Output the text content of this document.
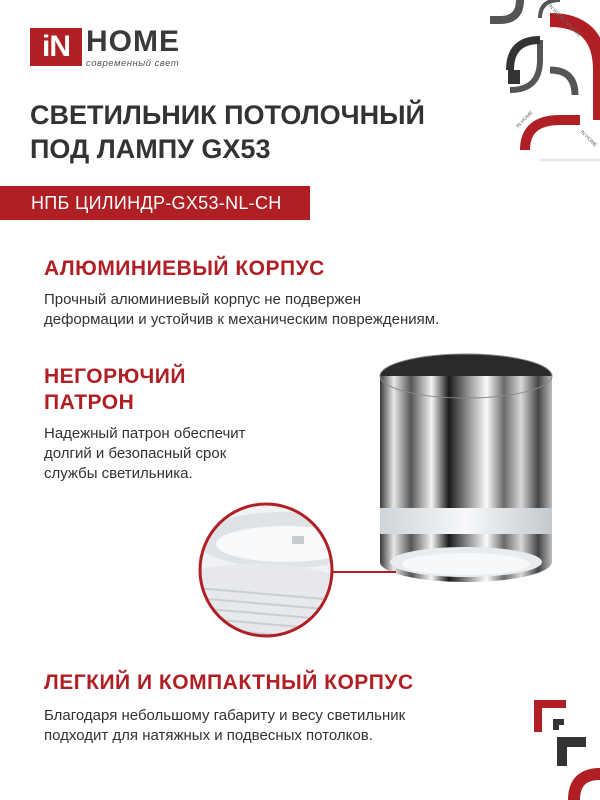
iN HOME
современный свет
IN HOME
IN HOME
IN HOME
IN HOME
СВЕТИЛЬНИК ПОТОЛОЧНЫЙ
ПОД ЛАМПУ GX53
НПБ ЦИЛИНДР-GX53-NL-CH
АЛЮМИНИЕВЫЙ КОРПУС

Прочный алюминиевый корпус не подвержен
деформации и устойчив к механическим повреждениям.

НЕГОРЮЧИЙ
ПАТРОН

Надежный патрон обеспечит
долгий и безопасный срок
службы светильника.

ЛЕГКИЙ И КОМПАКТНЫЙ КОРПУС

Благодаря небольшому габариту и весу светильник
подходит для натяжных и подвесных потолков.
